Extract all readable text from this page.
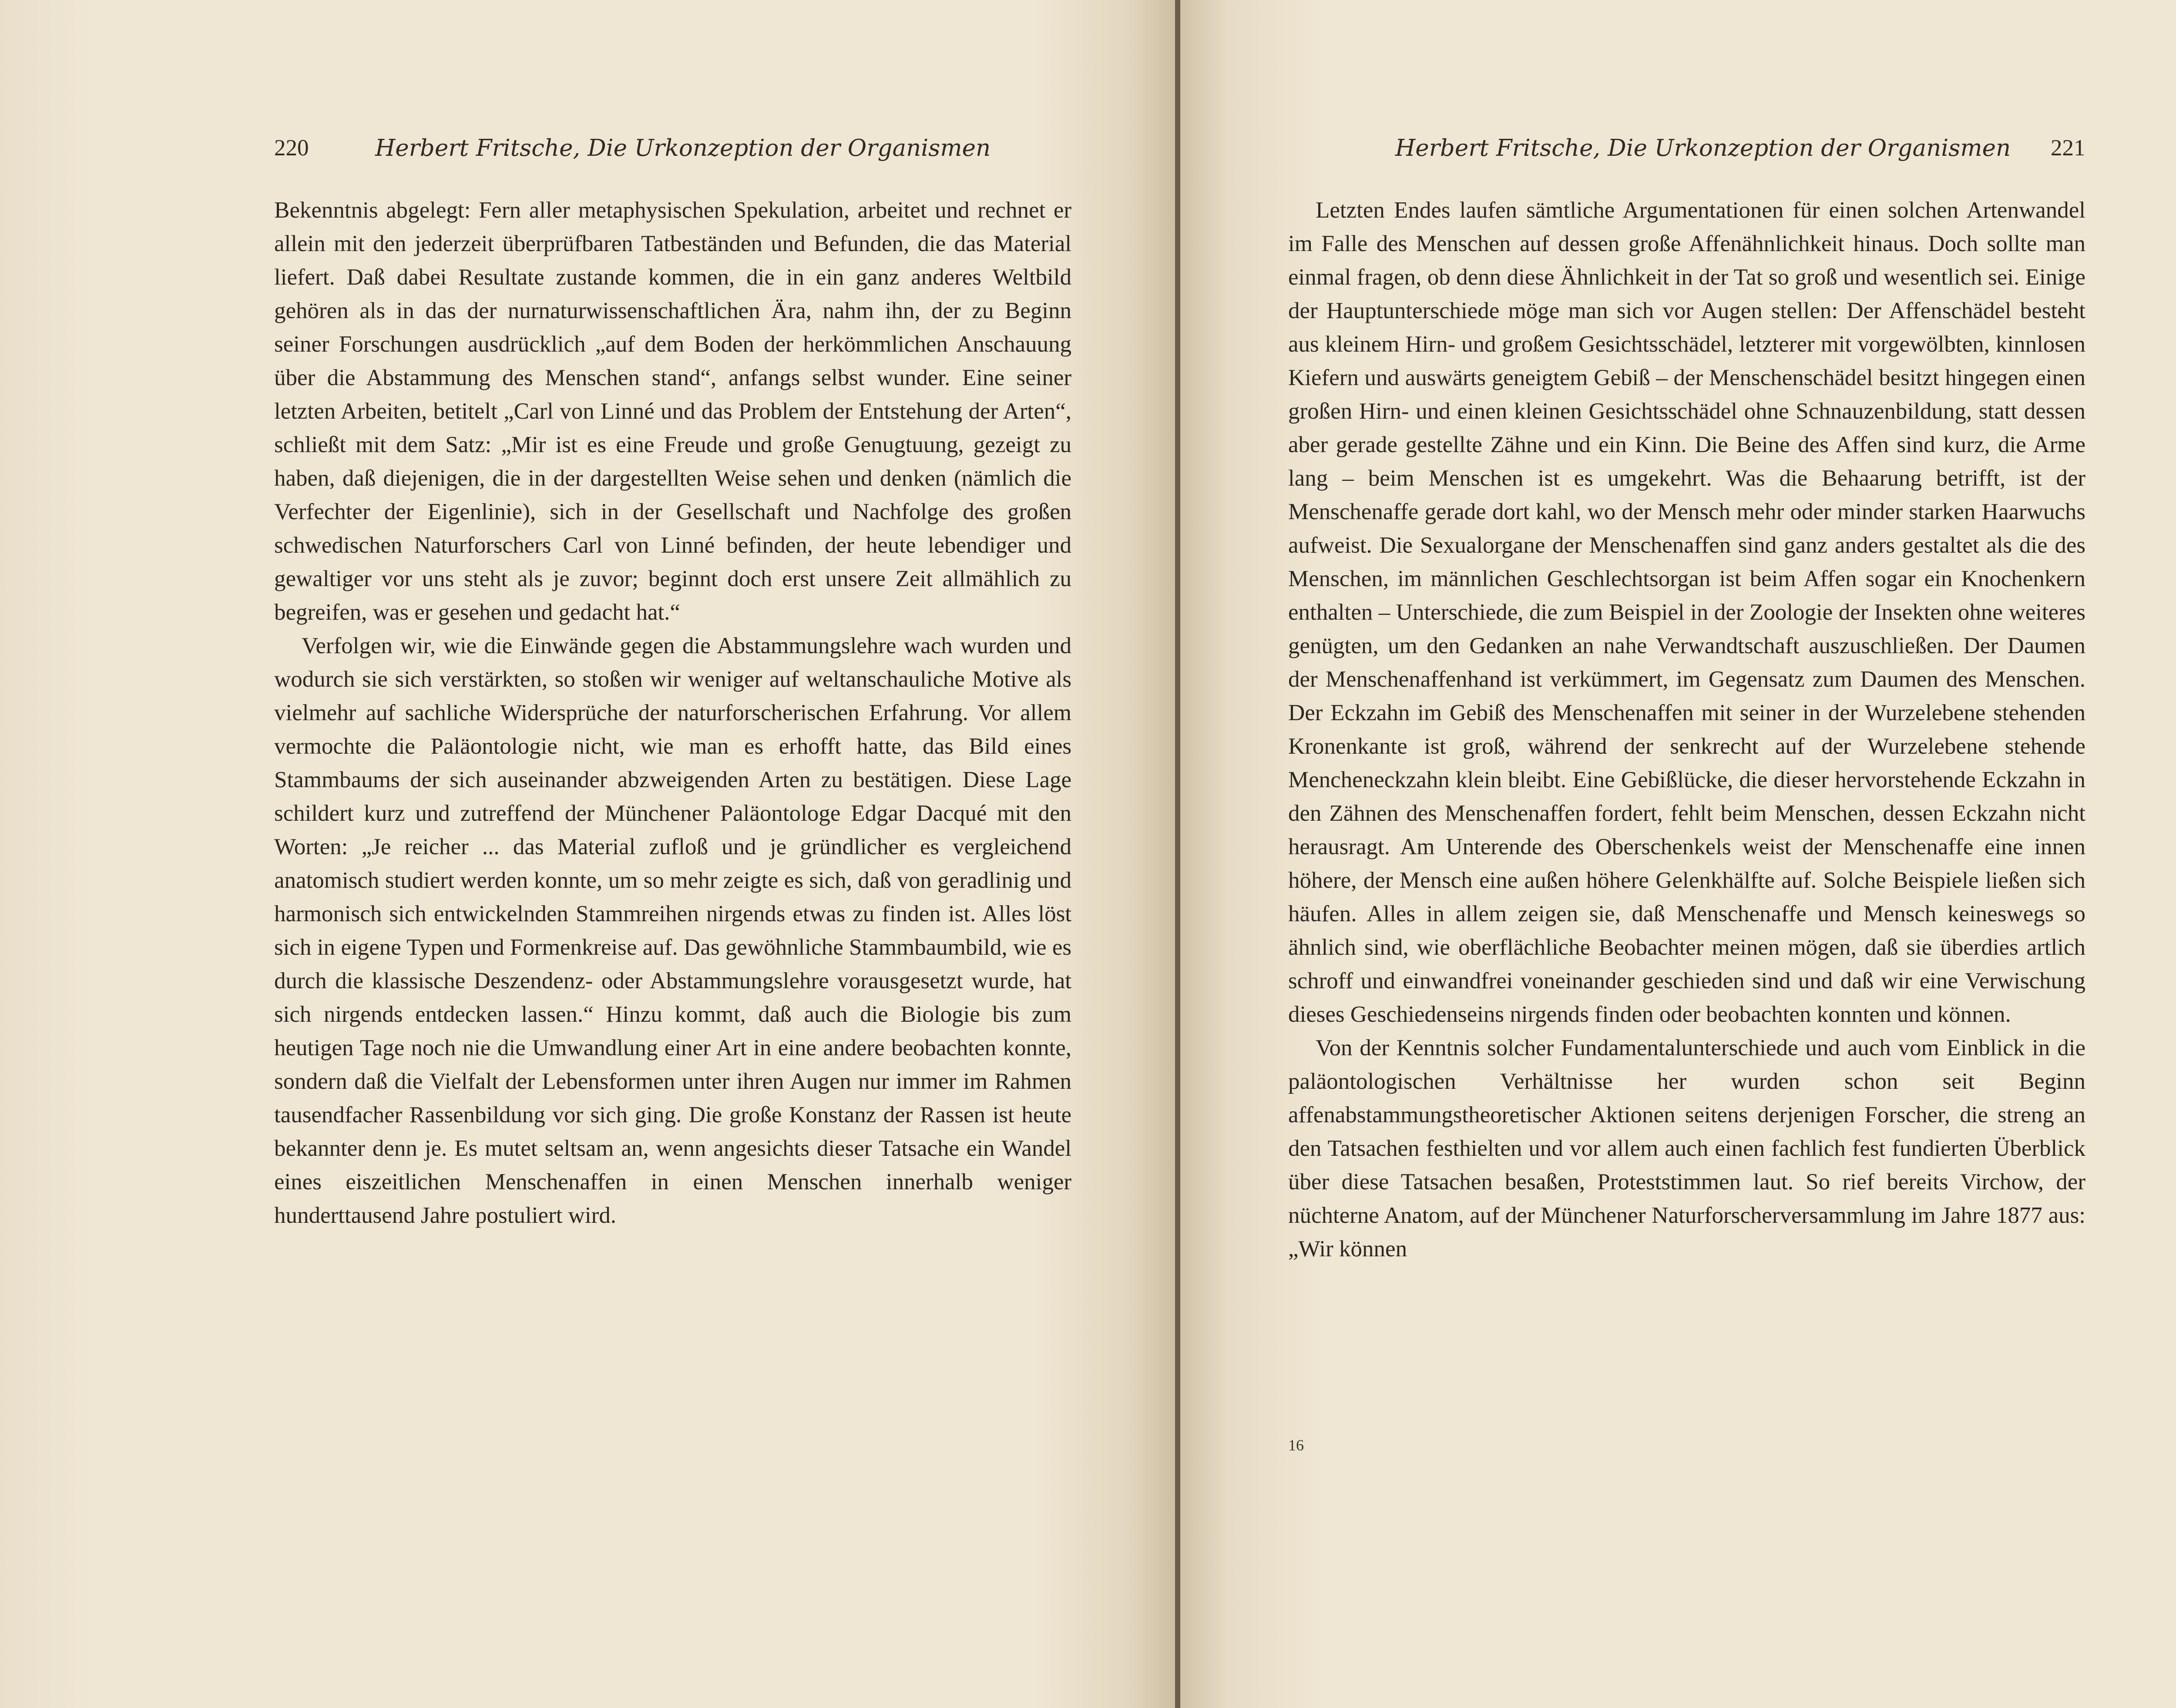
220	Herbert Fritsche, Die Urkonzeption der Organismen

Bekenntnis abgelegt: Fern aller metaphysischen Spekulation, arbeitet und rechnet er allein mit den jederzeit überprüfbaren Tatbeständen und Befunden, die das Material liefert. Daß dabei Resultate zustande kommen, die in ein ganz anderes Weltbild gehören als in das der nurnaturwissenschaftlichen Ära, nahm ihn, der zu Beginn seiner Forschungen ausdrücklich „auf dem Boden der herkömmlichen Anschauung über die Abstammung des Menschen stand“, anfangs selbst wunder. Eine seiner letzten Arbeiten, betitelt „Carl von Linné und das Problem der Entstehung der Arten“, schließt mit dem Satz: „Mir ist es eine Freude und große Genugtuung, gezeigt zu haben, daß diejenigen, die in der dargestellten Weise sehen und denken (nämlich die Verfechter der Eigenlinie), sich in der Gesellschaft und Nachfolge des großen schwedischen Naturforschers Carl von Linné befinden, der heute lebendiger und gewaltiger vor uns steht als je zuvor; beginnt doch erst unsere Zeit allmählich zu begreifen, was er gesehen und gedacht hat.“

Verfolgen wir, wie die Einwände gegen die Abstammungslehre wach wurden und wodurch sie sich verstärkten, so stoßen wir weniger auf weltanschauliche Motive als vielmehr auf sachliche Widersprüche der naturforscherischen Erfahrung. Vor allem vermochte die Paläontologie nicht, wie man es erhofft hatte, das Bild eines Stammbaums der sich auseinander abzweigenden Arten zu bestätigen. Diese Lage schildert kurz und zutreffend der Münchener Paläontologe Edgar Dacqué mit den Worten: „Je reicher ... das Material zufloß und je gründlicher es vergleichend anatomisch studiert werden konnte, um so mehr zeigte es sich, daß von geradlinig und harmonisch sich entwickelnden Stammreihen nirgends etwas zu finden ist. Alles löst sich in eigene Typen und Formenkreise auf. Das gewöhnliche Stammbaumbild, wie es durch die klassische Deszendenz- oder Abstammungslehre vorausgesetzt wurde, hat sich nirgends entdecken lassen.“ Hinzu kommt, daß auch die Biologie bis zum heutigen Tage noch nie die Umwandlung einer Art in eine andere beobachten konnte, sondern daß die Vielfalt der Lebensformen unter ihren Augen nur immer im Rahmen tausendfacher Rassenbildung vor sich ging. Die große Konstanz der Rassen ist heute bekannter denn je. Es mutet seltsam an, wenn angesichts dieser Tatsache ein Wandel eines eiszeitlichen Menschenaffen in einen Menschen innerhalb weniger hunderttausend Jahre postuliert wird.

Herbert Fritsche, Die Urkonzeption der Organismen 221

Letzten Endes laufen sämtliche Argumentationen für einen solchen Artenwandel im Falle des Menschen auf dessen große Affenähnlichkeit hinaus. Doch sollte man einmal fragen, ob denn diese Ähnlichkeit in der Tat so groß und wesentlich sei. Einige der Hauptunterschiede möge man sich vor Augen stellen: Der Affenschädel besteht aus kleinem Hirn- und großem Gesichtsschädel, letzterer mit vorgewölbten, kinnlosen Kiefern und auswärts geneigtem Gebiß – der Menschenschädel besitzt hingegen einen großen Hirn- und einen kleinen Gesichtsschädel ohne Schnauzenbildung, statt dessen aber gerade gestellte Zähne und ein Kinn. Die Beine des Affen sind kurz, die Arme lang – beim Menschen ist es umgekehrt. Was die Behaarung betrifft, ist der Menschenaffe gerade dort kahl, wo der Mensch mehr oder minder starken Haarwuchs aufweist. Die Sexualorgane der Menschenaffen sind ganz anders gestaltet als die des Menschen, im männlichen Geschlechtsorgan ist beim Affen sogar ein Knochenkern enthalten – Unterschiede, die zum Beispiel in der Zoologie der Insekten ohne weiteres genügten, um den Gedanken an nahe Verwandtschaft auszuschließen. Der Daumen der Menschenaffenhand ist verkümmert, im Gegensatz zum Daumen des Menschen. Der Eckzahn im Gebiß des Menschenaffen mit seiner in der Wurzelebene stehenden Kronenkante ist groß, während der senkrecht auf der Wurzelebene stehende Mencheneckzahn klein bleibt. Eine Gebißlücke, die dieser hervorstehende Eckzahn in den Zähnen des Menschenaffen fordert, fehlt beim Menschen, dessen Eckzahn nicht herausragt. Am Unterende des Oberschenkels weist der Menschenaffe eine innen höhere, der Mensch eine außen höhere Gelenkhälfte auf. Solche Beispiele ließen sich häufen. Alles in allem zeigen sie, daß Menschenaffe und Mensch keineswegs so ähnlich sind, wie oberflächliche Beobachter meinen mögen, daß sie überdies artlich schroff und einwandfrei voneinander geschieden sind und daß wir eine Verwischung dieses Geschiedenseins nirgends finden oder beobachten konnten und können.

Von der Kenntnis solcher Fundamentalunterschiede und auch vom Einblick in die paläontologischen Verhältnisse her wurden schon seit Beginn affenabstammungstheoretischer Aktionen seitens derjenigen Forscher, die streng an den Tatsachen festhielten und vor allem auch einen fachlich fest fundierten Überblick über diese Tatsachen besaßen, Proteststimmen laut. So rief bereits Virchow, der nüchterne Anatom, auf der Münchener Naturforscherversammlung im Jahre 1877 aus: „Wir können

16
